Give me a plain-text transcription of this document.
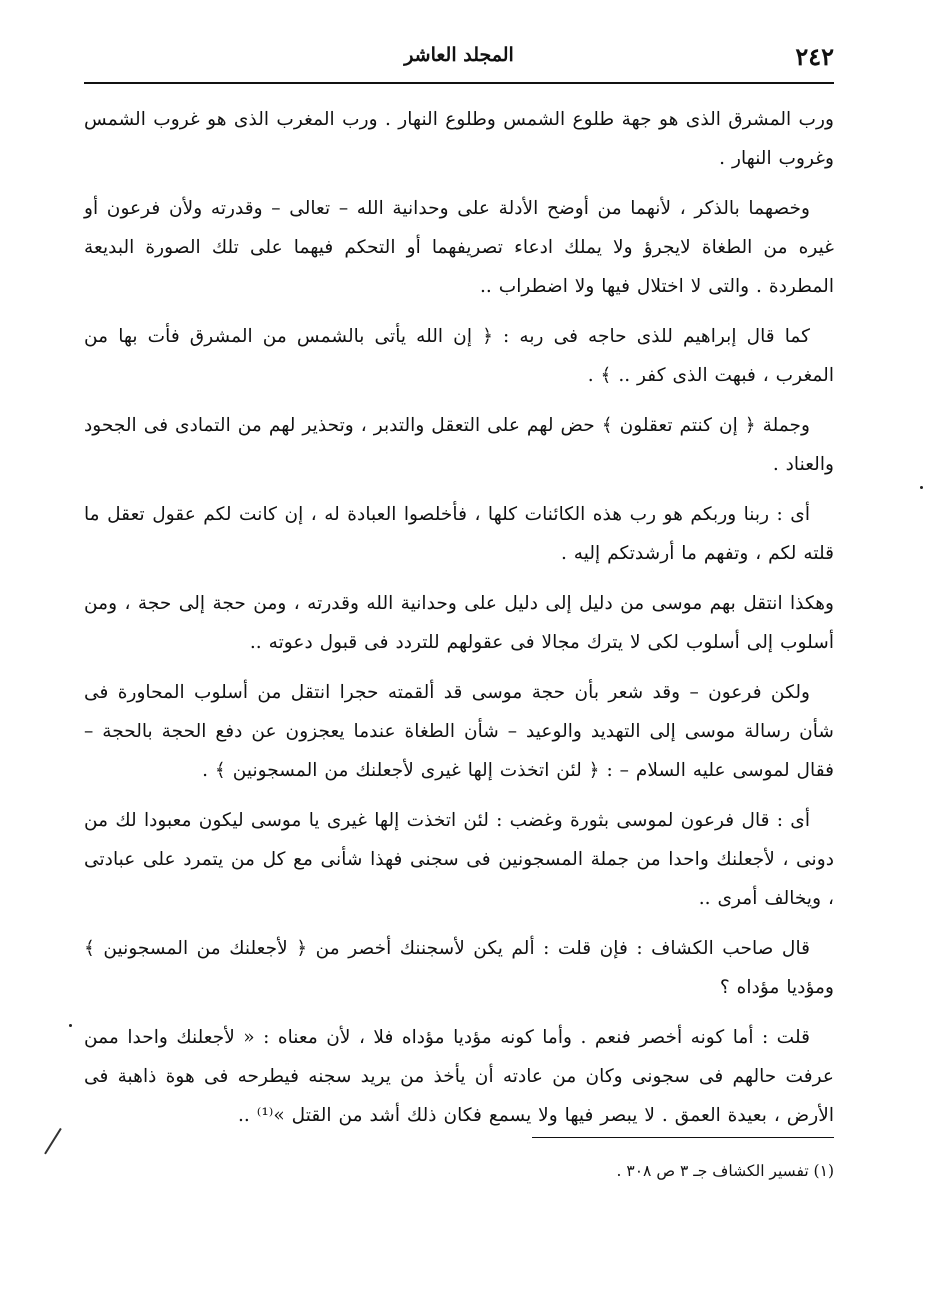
٢٤٢
المجلد العاشر

ورب المشرق الذى هو جهة طلوع الشمس وطلوع النهار . ورب المغرب الذى هو غروب الشمس وغروب النهار .

وخصهما بالذكر ، لأنهما من أوضح الأدلة على وحدانية الله – تعالى – وقدرته ولأن فرعون أو غيره من الطغاة لايجرؤ ولا يملك ادعاء تصريفهما أو التحكم فيهما على تلك الصورة البديعة المطردة . والتى لا اختلال فيها ولا اضطراب ..

كما قال إبراهيم للذى حاجه فى ربه : ﴿ إن الله يأتى بالشمس من المشرق فأت بها من المغرب ، فبهت الذى كفر .. ﴾ .

وجملة ﴿ إن كنتم تعقلون ﴾ حض لهم على التعقل والتدبر ، وتحذير لهم من التمادى فى الجحود والعناد .

أى : ربنا وربكم هو رب هذه الكائنات كلها ، فأخلصوا العبادة له ، إن كانت لكم عقول تعقل ما قلته لكم ، وتفهم ما أرشدتكم إليه .

وهكذا انتقل بهم موسى من دليل إلى دليل على وحدانية الله وقدرته ، ومن حجة إلى حجة ، ومن أسلوب إلى أسلوب لكى لا يترك مجالا فى عقولهم للتردد فى قبول دعوته ..

ولكن فرعون – وقد شعر بأن حجة موسى قد ألقمته حجرا انتقل من أسلوب المحاورة فى شأن رسالة موسى إلى التهديد والوعيد – شأن الطغاة عندما يعجزون عن دفع الحجة بالحجة – فقال لموسى عليه السلام – : ﴿ لئن اتخذت إلها غيرى لأجعلنك من المسجونين ﴾ .

أى : قال فرعون لموسى بثورة وغضب : لئن اتخذت إلها غيرى يا موسى ليكون معبودا لك من دونى ، لأجعلنك واحدا من جملة المسجونين فى سجنى فهذا شأنى مع كل من يتمرد على عبادتى ، ويخالف أمرى ..

قال صاحب الكشاف : فإن قلت : ألم يكن لأسجننك أخصر من ﴿ لأجعلنك من المسجونين ﴾ ومؤديا مؤداه ؟

قلت : أما كونه أخصر فنعم . وأما كونه مؤديا مؤداه فلا ، لأن معناه : « لأجعلنك واحدا ممن عرفت حالهم فى سجونى وكان من عادته أن يأخذ من يريد سجنه فيطرحه فى هوة ذاهبة فى الأرض ، بعيدة العمق . لا يبصر فيها ولا يسمع فكان ذلك أشد من القتل »⁽¹⁾ ..

(١) تفسير الكشاف جـ ٣ ص ٣٠٨ .
